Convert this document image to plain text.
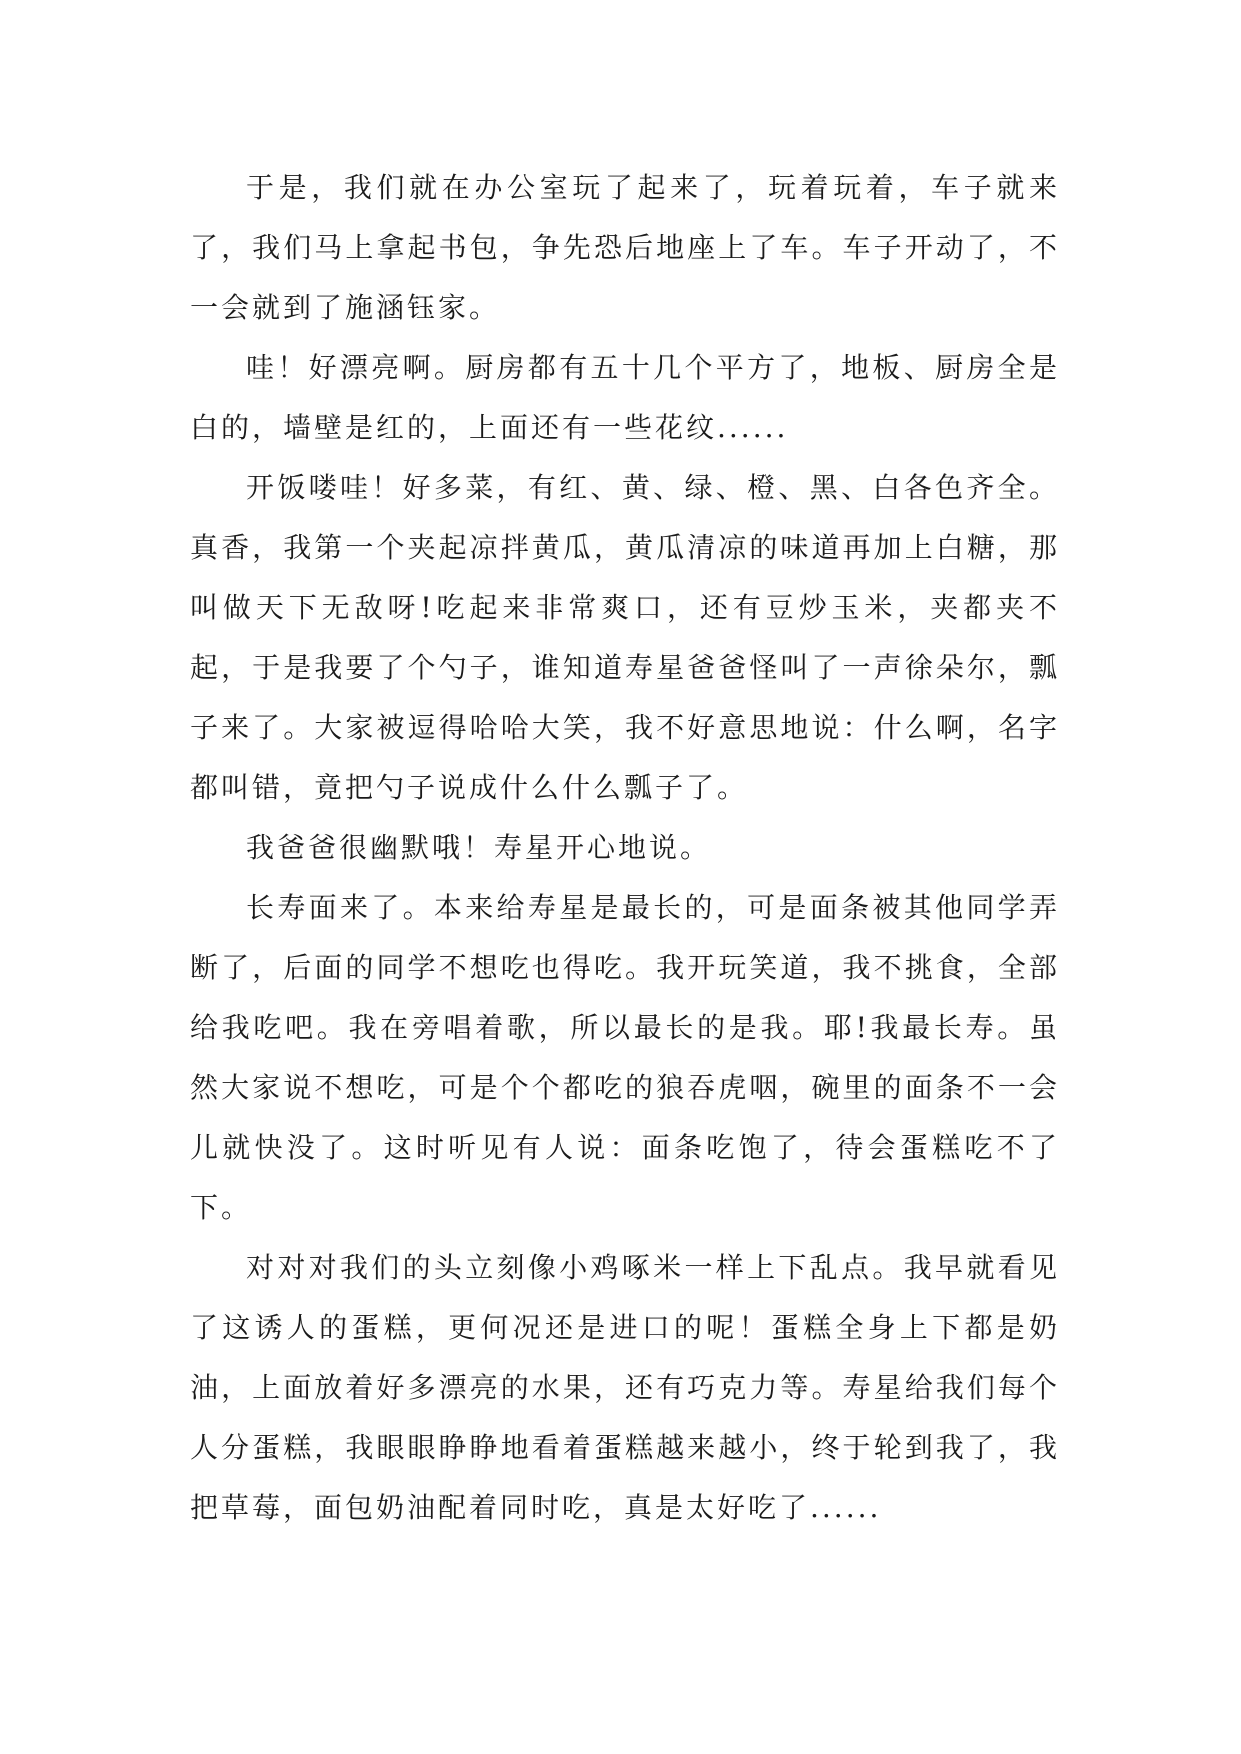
于是，我们就在办公室玩了起来了，玩着玩着，车子就来了，我们马上拿起书包，争先恐后地座上了车。车子开动了，不一会就到了施涵钰家。

哇！好漂亮啊。厨房都有五十几个平方了，地板、厨房全是白的，墙壁是红的，上面还有一些花纹......

开饭喽哇！好多菜，有红、黄、绿、橙、黑、白各色齐全。真香，我第一个夹起凉拌黄瓜，黄瓜清凉的味道再加上白糖，那叫做天下无敌呀!吃起来非常爽口，还有豆炒玉米，夹都夹不起，于是我要了个勺子，谁知道寿星爸爸怪叫了一声徐朵尔，瓢子来了。大家被逗得哈哈大笑，我不好意思地说：什么啊，名字都叫错，竟把勺子说成什么什么瓢子了。

我爸爸很幽默哦！寿星开心地说。

长寿面来了。本来给寿星是最长的，可是面条被其他同学弄断了，后面的同学不想吃也得吃。我开玩笑道，我不挑食，全部给我吃吧。我在旁唱着歌，所以最长的是我。耶!我最长寿。虽然大家说不想吃，可是个个都吃的狼吞虎咽，碗里的面条不一会儿就快没了。这时听见有人说：面条吃饱了，待会蛋糕吃不了下。

对对对我们的头立刻像小鸡啄米一样上下乱点。我早就看见了这诱人的蛋糕，更何况还是进口的呢！蛋糕全身上下都是奶油，上面放着好多漂亮的水果，还有巧克力等。寿星给我们每个人分蛋糕，我眼眼睁睁地看着蛋糕越来越小，终于轮到我了，我把草莓，面包奶油配着同时吃，真是太好吃了......
